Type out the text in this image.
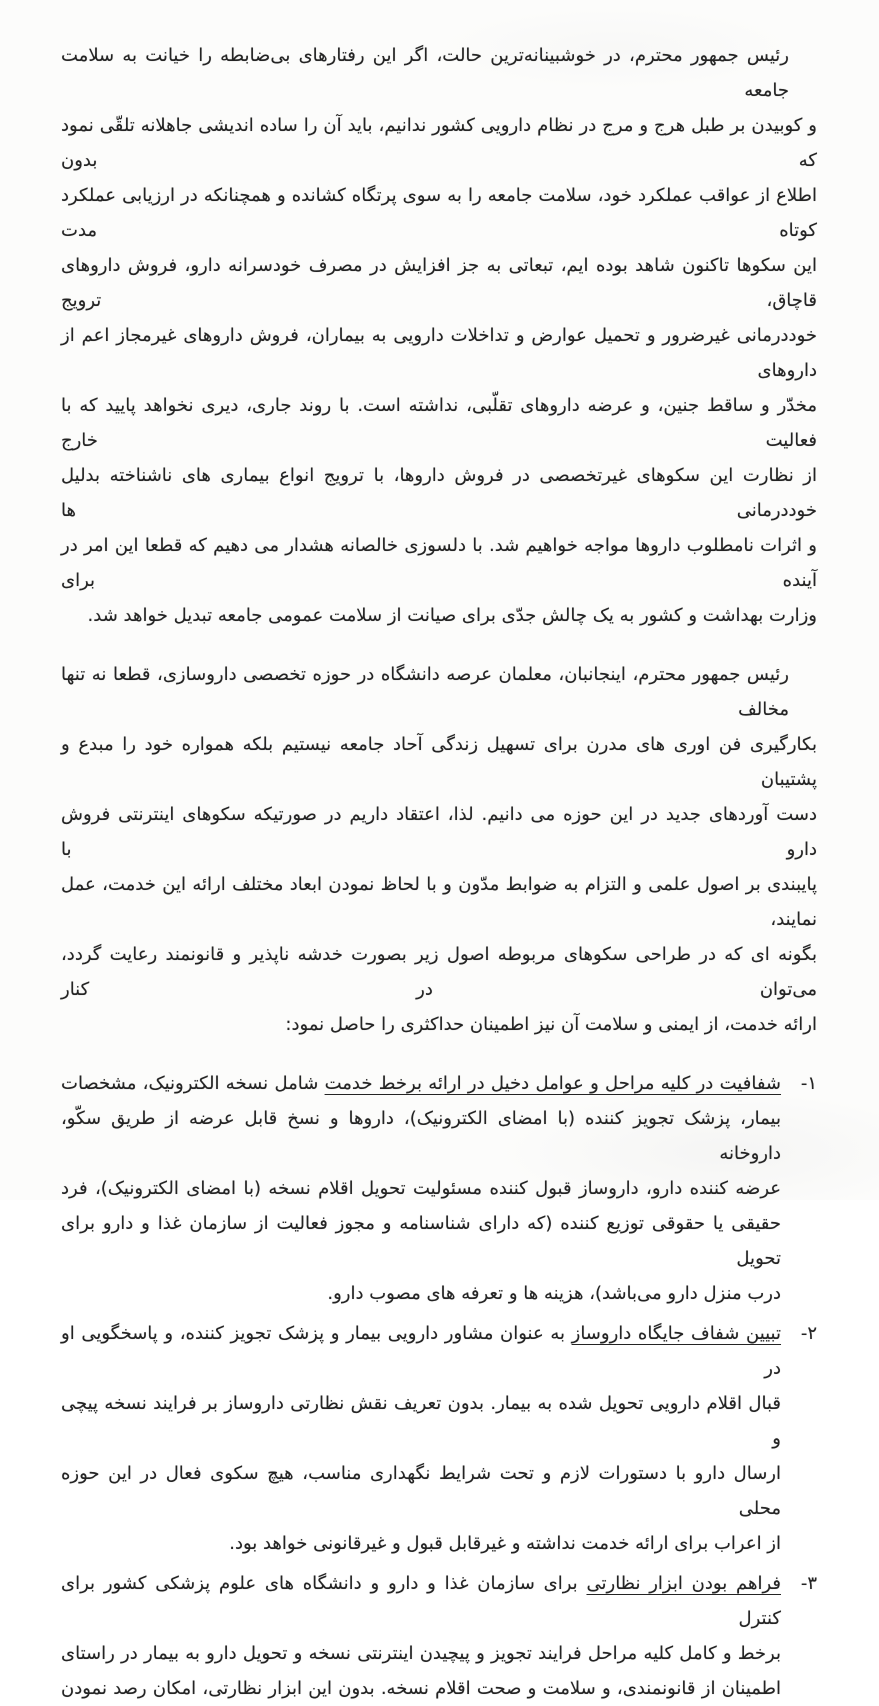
رئیس جمهور محترم، در خوشبینانه‌ترین حالت، اگر این رفتارهای بی‌ضابطه را خیانت به سلامت جامعه
و کوبیدن بر طبل هرج و مرج در نظام دارویی کشور ندانیم، باید آن را ساده اندیشی جاهلانه تلقّی نمود که بدون
اطلاع از عواقب عملکرد خود، سلامت جامعه را به سوی پرتگاه کشانده و همچنانکه در ارزیابی عملکرد کوتاه مدت
این سکوها تاکنون شاهد بوده ایم، تبعاتی به جز افزایش در مصرف خودسرانه دارو، فروش داروهای قاچاق، ترویج
خوددرمانی غیرضرور و تحمیل عوارض و تداخلات دارویی به بیماران، فروش داروهای غیرمجاز اعم از داروهای
مخدّر و ساقط جنین، و عرضه داروهای تقلّبی، نداشته است. با روند جاری، دیری نخواهد پایید که با فعالیت خارج
از نظارت این سکوهای غیرتخصصی در فروش داروها، با ترویج انواع بیماری های ناشناخته بدلیل خوددرمانی ها
و اثرات نامطلوب داروها مواجه خواهیم شد. با دلسوزی خالصانه هشدار می دهیم که قطعا این امر در آینده برای
وزارت بهداشت و کشور به یک چالش جدّی برای صیانت از سلامت عمومی جامعه تبدیل خواهد شد.
رئیس جمهور محترم، اینجانبان، معلمان عرصه دانشگاه در حوزه تخصصی داروسازی، قطعا نه تنها مخالف
بکارگیری فن اوری های مدرن برای تسهیل زندگی آحاد جامعه نیستیم بلکه همواره خود را مبدع و پشتیبان
دست آوردهای جدید در این حوزه می دانیم. لذا، اعتقاد داریم در صورتیکه سکوهای اینترنتی فروش دارو با
پایبندی بر اصول علمی و التزام به ضوابط مدّون و با لحاظ نمودن ابعاد مختلف ارائه این خدمت، عمل نمایند،
بگونه ای که در طراحی سکوهای مربوطه اصول زیر بصورت خدشه ناپذیر و قانونمند رعایت گردد، می‌توان در کنار
ارائه خدمت، از ایمنی و سلامت آن نیز اطمینان حداکثری را حاصل نمود:
۱-
شفافیت در کلیه مراحل و عوامل دخیل در ارائه برخط خدمت شامل نسخه الکترونیک، مشخصات
بیمار، پزشک تجویز کننده (با امضای الکترونیک)، داروها و نسخ قابل عرضه از طریق سکّو، داروخانه
عرضه کننده دارو، داروساز قبول کننده مسئولیت تحویل اقلام نسخه (با امضای الکترونیک)، فرد
حقیقی یا حقوقی توزیع کننده (که دارای شناسنامه و مجوز فعالیت از سازمان غذا و دارو برای تحویل
درب منزل دارو می‌باشد)، هزینه ها و تعرفه های مصوب دارو.
۲-
تبیین شفاف جایگاه داروساز به عنوان مشاور دارویی بیمار و پزشک تجویز کننده، و پاسخگویی او در
قبال اقلام دارویی تحویل شده به بیمار. بدون تعریف نقش نظارتی داروساز بر فرایند نسخه پیچی و
ارسال دارو با دستورات لازم و تحت شرایط نگهداری مناسب، هیچ سکوی فعال در این حوزه محلی
از اعراب برای ارائه خدمت نداشته و غیرقابل قبول و غیرقانونی خواهد بود.
۳-
فراهم بودن ابزار نظارتی برای سازمان غذا و دارو و دانشگاه های علوم پزشکی کشور برای کنترل
برخط و کامل کلیه مراحل فرایند تجویز و پیچیدن اینترنتی نسخه و تحویل دارو به بیمار در راستای
اطمینان از قانونمندی، و سلامت و صحت اقلام نسخه. بدون این ابزار نظارتی، امکان رصد نمودن
